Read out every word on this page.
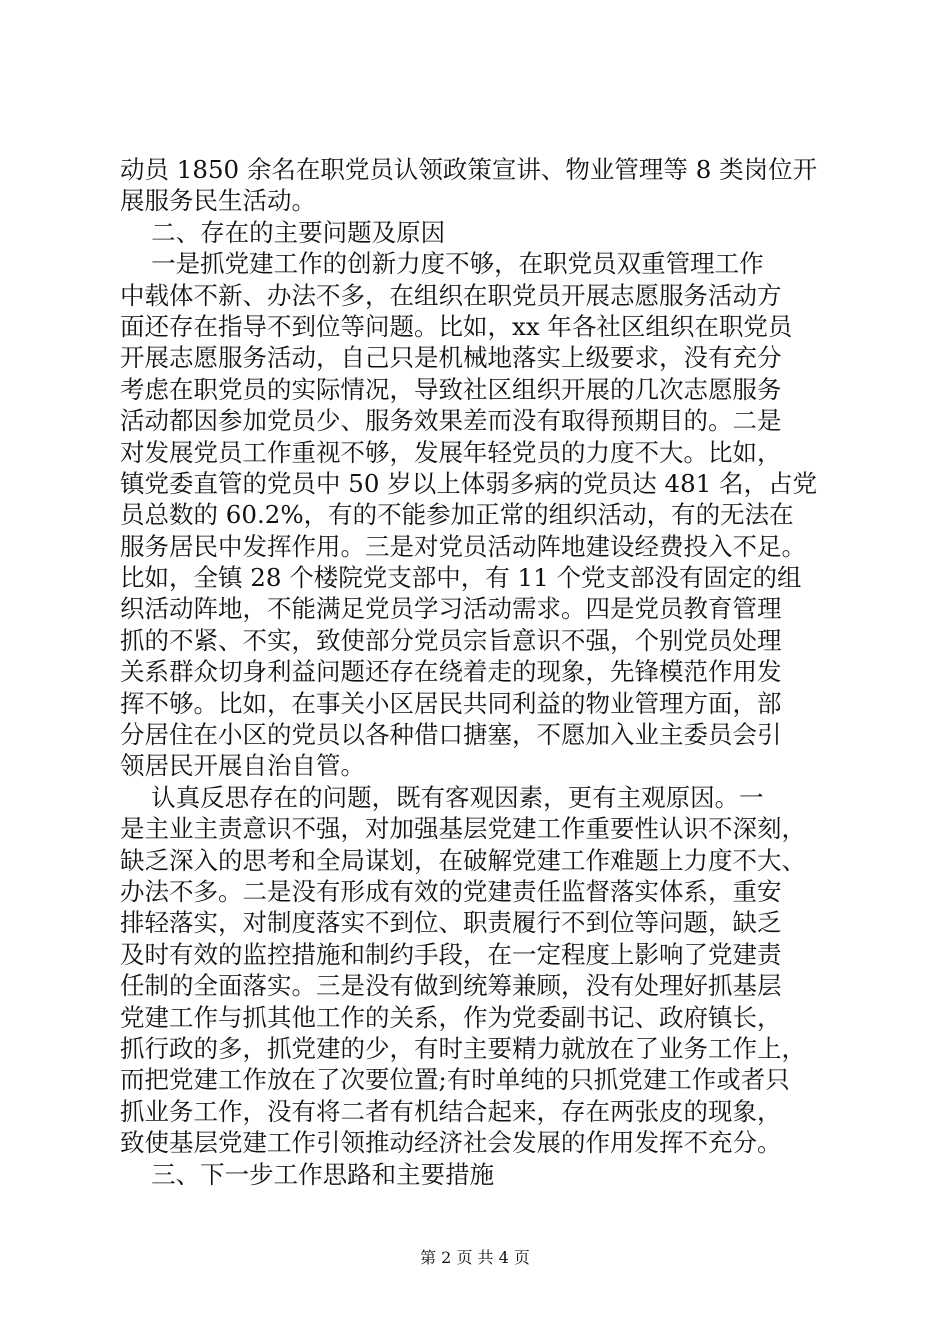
动员 1850 余名在职党员认领政策宣讲、物业管理等 8 类岗位开
展服务民生活动。
二、存在的主要问题及原因
一是抓党建工作的创新力度不够，在职党员双重管理工作
中载体不新、办法不多，在组织在职党员开展志愿服务活动方
面还存在指导不到位等问题。比如，xx 年各社区组织在职党员
开展志愿服务活动，自己只是机械地落实上级要求，没有充分
考虑在职党员的实际情况，导致社区组织开展的几次志愿服务
活动都因参加党员少、服务效果差而没有取得预期目的。二是
对发展党员工作重视不够，发展年轻党员的力度不大。比如，
镇党委直管的党员中 50 岁以上体弱多病的党员达 481 名，占党
员总数的 60.2%，有的不能参加正常的组织活动，有的无法在
服务居民中发挥作用。三是对党员活动阵地建设经费投入不足。
比如，全镇 28 个楼院党支部中，有 11 个党支部没有固定的组
织活动阵地，不能满足党员学习活动需求。四是党员教育管理
抓的不紧、不实，致使部分党员宗旨意识不强，个别党员处理
关系群众切身利益问题还存在绕着走的现象，先锋模范作用发
挥不够。比如，在事关小区居民共同利益的物业管理方面，部
分居住在小区的党员以各种借口搪塞，不愿加入业主委员会引
领居民开展自治自管。
认真反思存在的问题，既有客观因素，更有主观原因。一
是主业主责意识不强，对加强基层党建工作重要性认识不深刻，
缺乏深入的思考和全局谋划，在破解党建工作难题上力度不大、
办法不多。二是没有形成有效的党建责任监督落实体系，重安
排轻落实，对制度落实不到位、职责履行不到位等问题，缺乏
及时有效的监控措施和制约手段，在一定程度上影响了党建责
任制的全面落实。三是没有做到统筹兼顾，没有处理好抓基层
党建工作与抓其他工作的关系，作为党委副书记、政府镇长，
抓行政的多，抓党建的少，有时主要精力就放在了业务工作上，
而把党建工作放在了次要位置;有时单纯的只抓党建工作或者只
抓业务工作，没有将二者有机结合起来，存在两张皮的现象，
致使基层党建工作引领推动经济社会发展的作用发挥不充分。
三、下一步工作思路和主要措施
第 2 页 共 4 页
